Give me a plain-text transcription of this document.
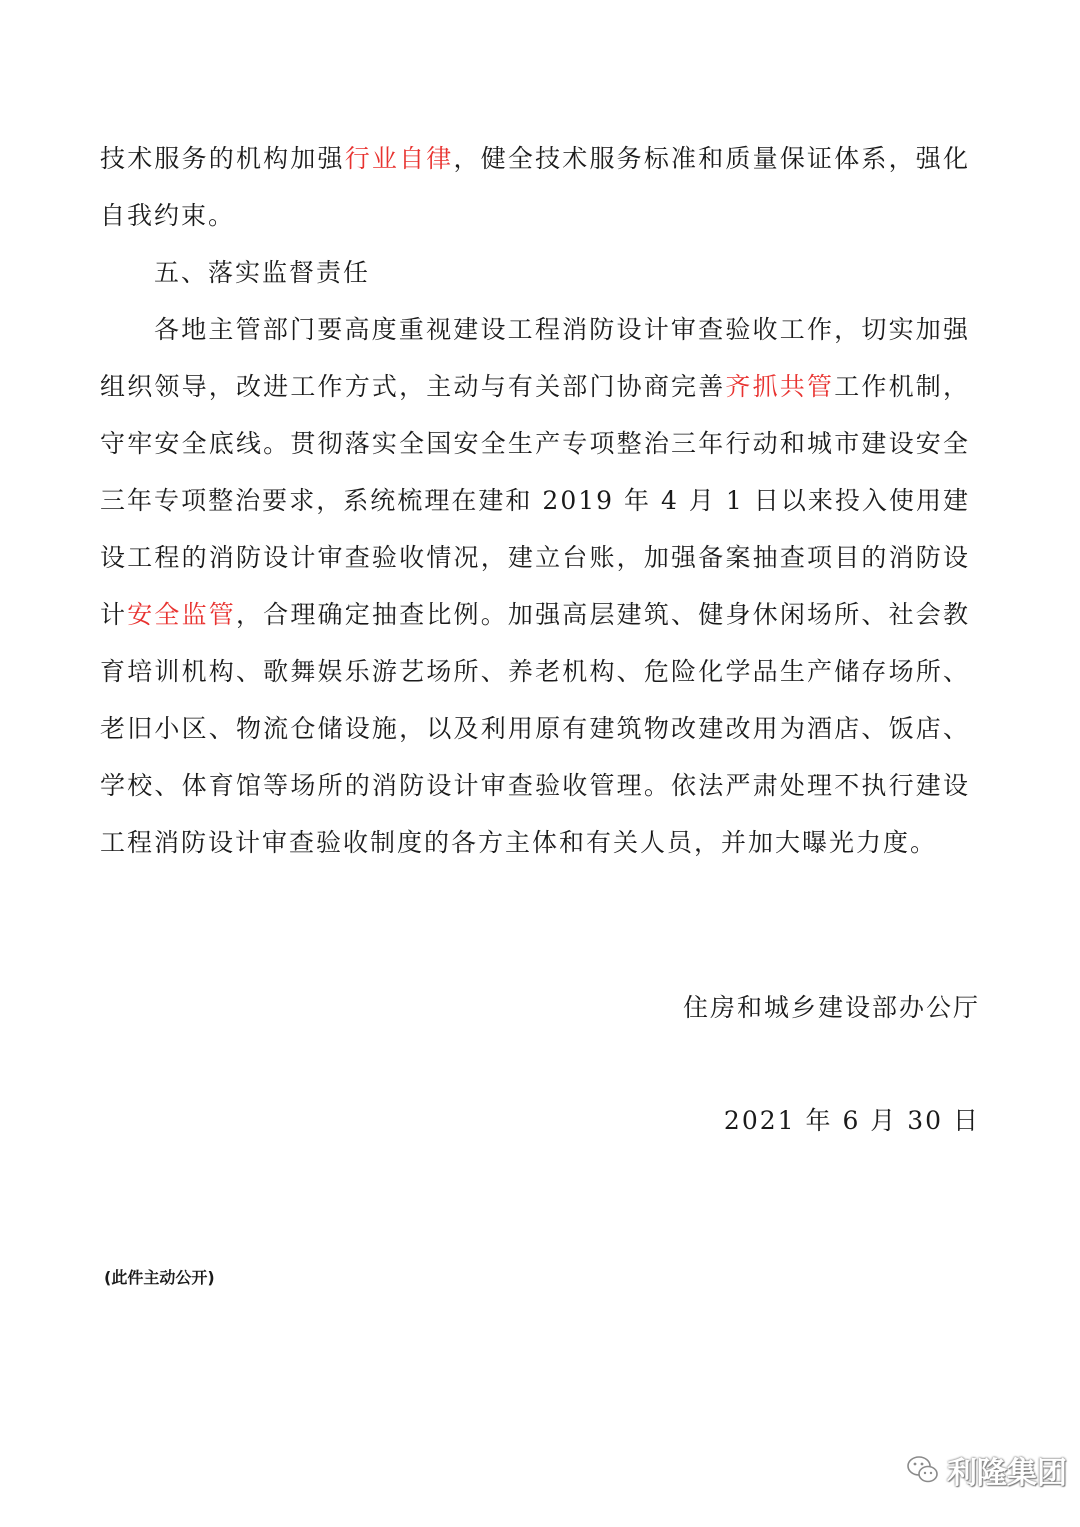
技术服务的机构加强行业自律，健全技术服务标准和质量保证体系，强化自我约束。

五、落实监督责任

各地主管部门要高度重视建设工程消防设计审查验收工作，切实加强组织领导，改进工作方式，主动与有关部门协商完善齐抓共管工作机制，守牢安全底线。贯彻落实全国安全生产专项整治三年行动和城市建设安全三年专项整治要求，系统梳理在建和 2019 年 4 月 1 日以来投入使用建设工程的消防设计审查验收情况，建立台账，加强备案抽查项目的消防设计安全监管，合理确定抽查比例。加强高层建筑、健身休闲场所、社会教育培训机构、歌舞娱乐游艺场所、养老机构、危险化学品生产储存场所、老旧小区、物流仓储设施，以及利用原有建筑物改建改用为酒店、饭店、学校、体育馆等场所的消防设计审查验收管理。依法严肃处理不执行建设工程消防设计审查验收制度的各方主体和有关人员，并加大曝光力度。

住房和城乡建设部办公厅
2021 年 6 月 30 日
(此件主动公开)
利隆集团
